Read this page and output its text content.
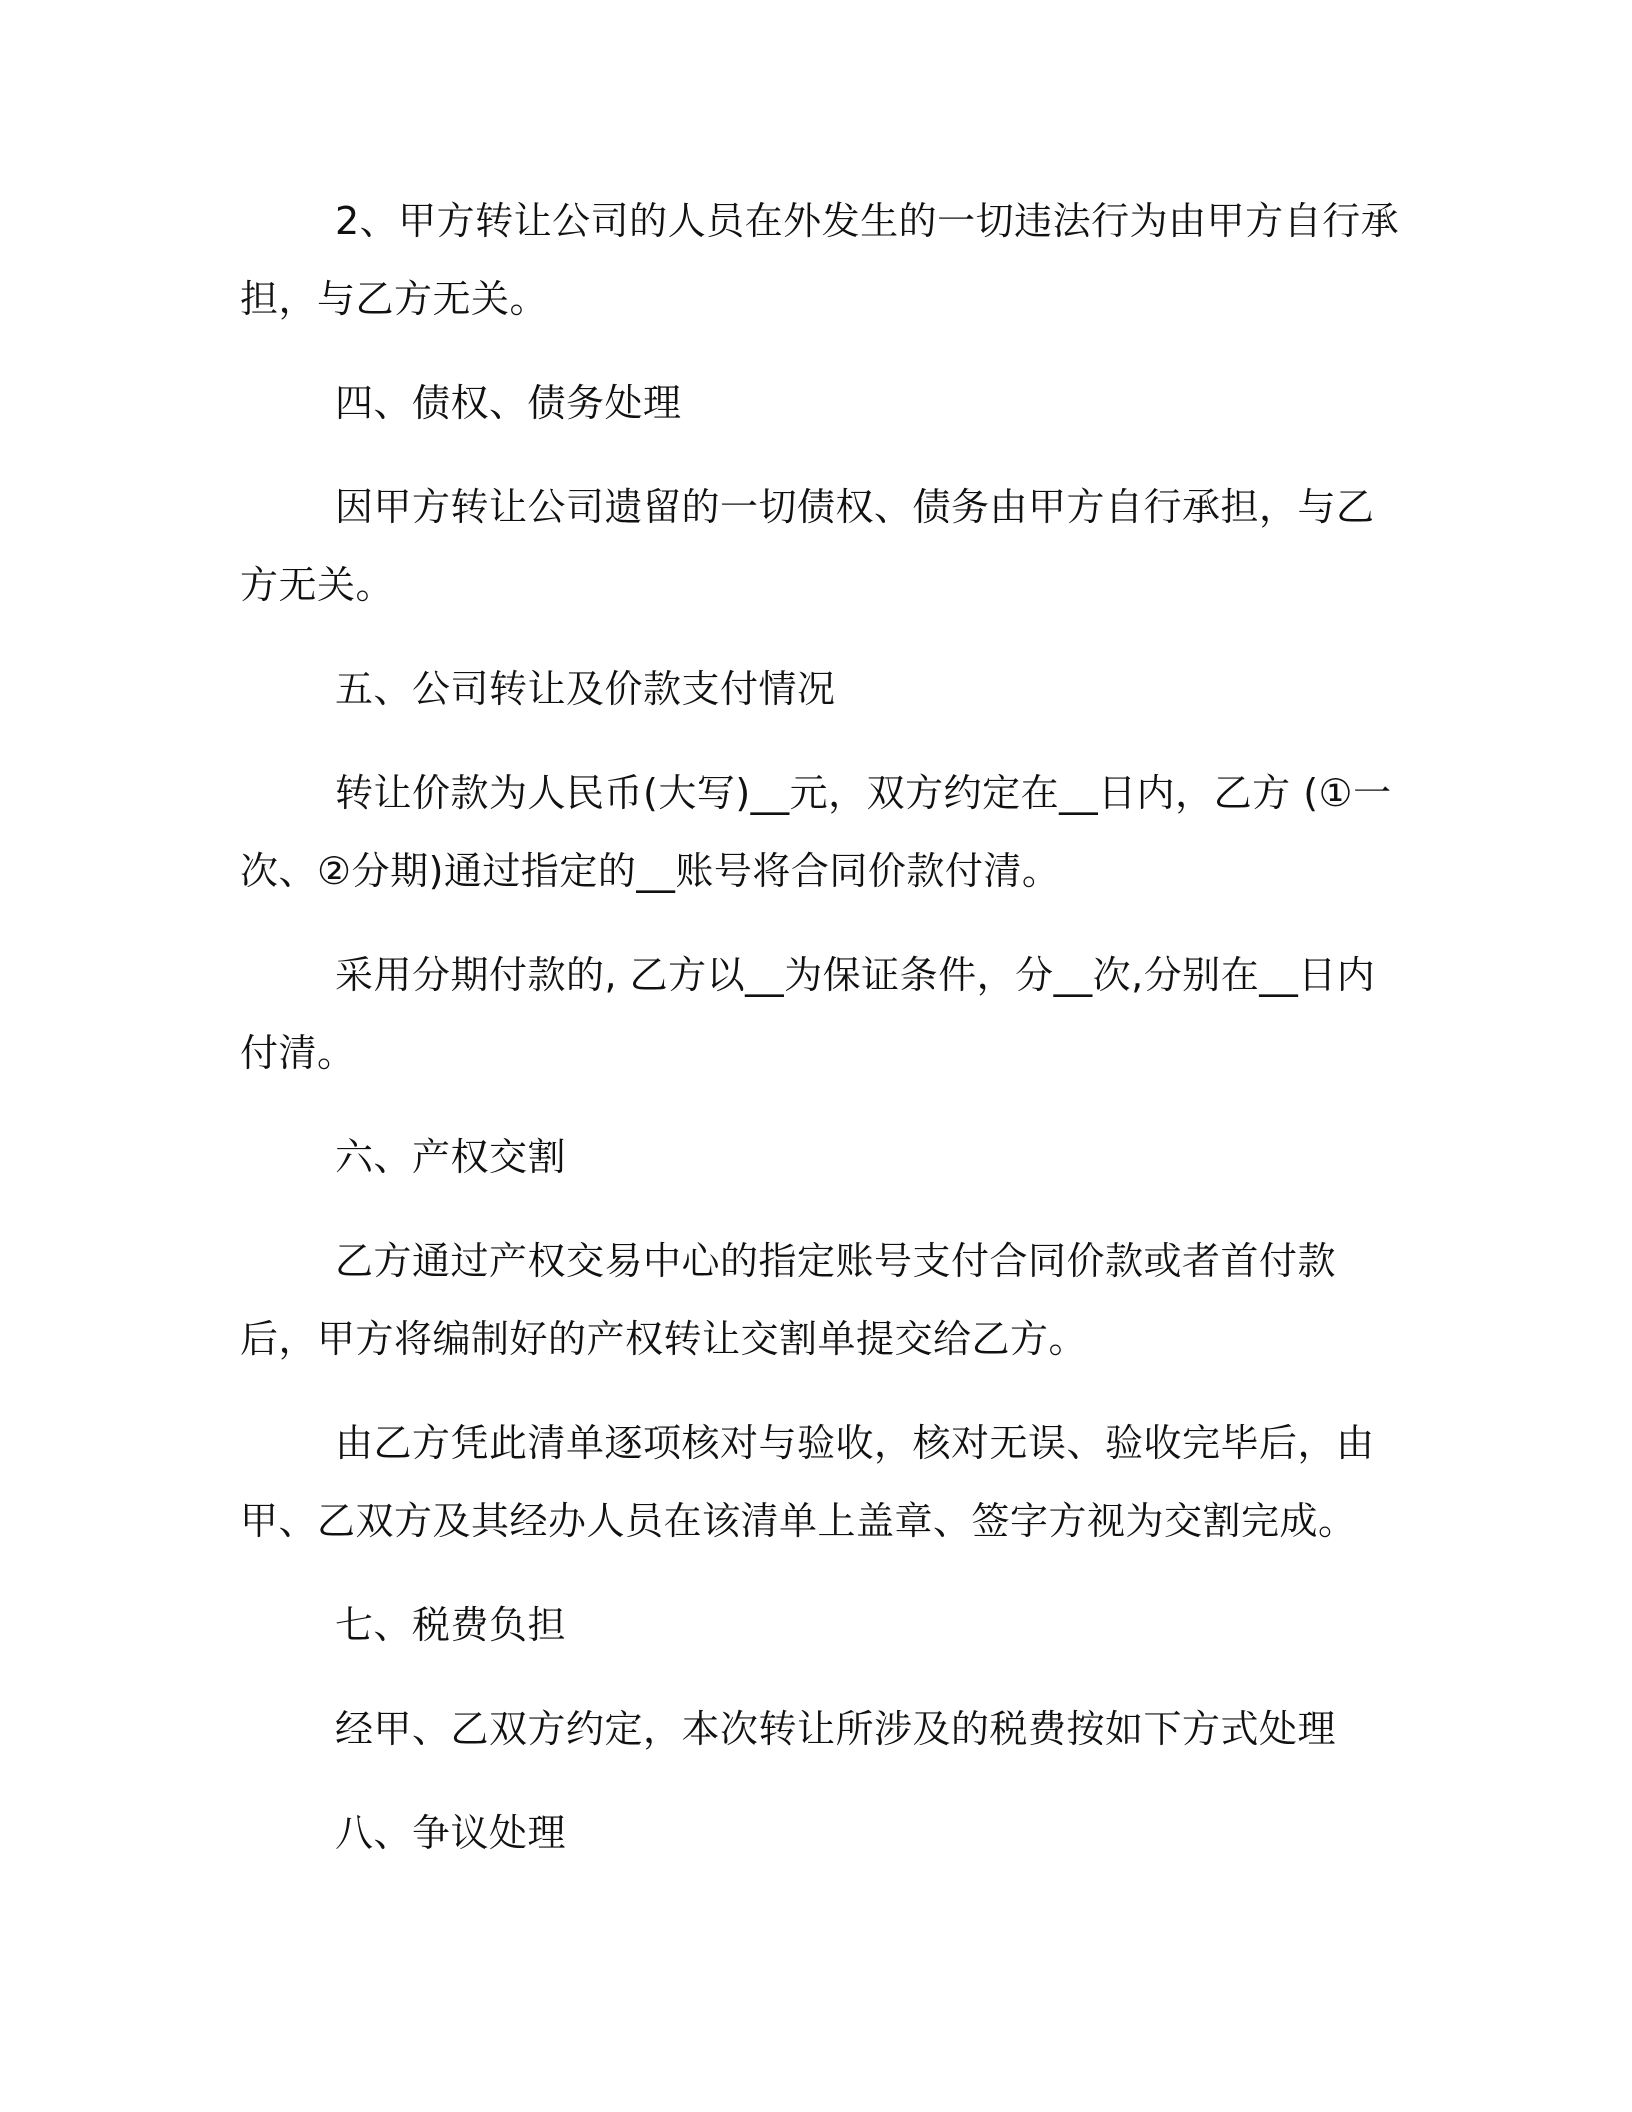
2、甲方转让公司的人员在外发生的一切违法行为由甲方自行承担，与乙方无关。

四、债权、债务处理

因甲方转让公司遗留的一切债权、债务由甲方自行承担，与乙方无关。

五、公司转让及价款支付情况

转让价款为人民币(大写)__元，双方约定在__日内，乙方 (①一次、②分期)通过指定的__账号将合同价款付清。

采用分期付款的, 乙方以__为保证条件，分__次,分别在__日内付清。

六、产权交割

乙方通过产权交易中心的指定账号支付合同价款或者首付款后，甲方将编制好的产权转让交割单提交给乙方。

由乙方凭此清单逐项核对与验收，核对无误、验收完毕后，由甲、乙双方及其经办人员在该清单上盖章、签字方视为交割完成。

七、税费负担

经甲、乙双方约定，本次转让所涉及的税费按如下方式处理

八、争议处理
